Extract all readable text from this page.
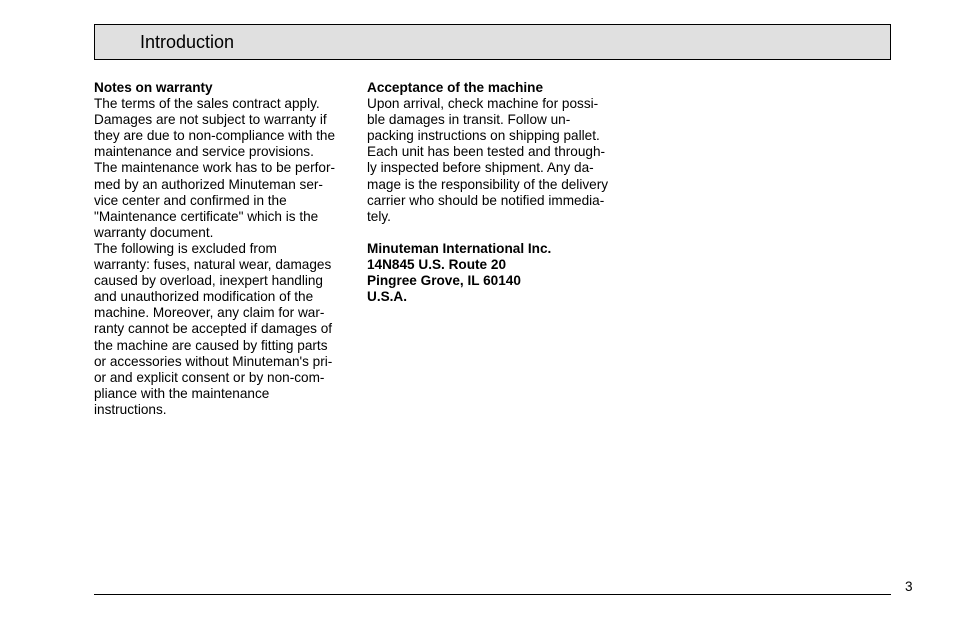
Introduction

Notes on warranty

The terms of the sales contract apply.

Damages are not subject to warranty if

they are due to non-compliance with the

maintenance and service provisions.

The maintenance work has to be perfor-

med by an authorized Minuteman ser-

vice center and confirmed in the

"Maintenance certificate" which is the

warranty document.

The following is excluded from

warranty: fuses, natural wear, damages

caused by overload, inexpert handling

and unauthorized modification of the

machine. Moreover, any claim for war-

ranty cannot be accepted if damages of

the machine are caused by fitting parts

or accessories without Minuteman's pri-

or and explicit consent or by non-com-

pliance with the maintenance

instructions.

Acceptance of the machine

Upon arrival, check machine for possi-

ble damages in transit. Follow un-

packing instructions on shipping pallet.

Each unit has been tested and through-

ly inspected before shipment. Any da-

mage is the responsibility of the delivery

carrier who should be notified immedia-

tely.

Minuteman International Inc.

14N845 U.S. Route 20

Pingree Grove, IL 60140

U.S.A.

3
